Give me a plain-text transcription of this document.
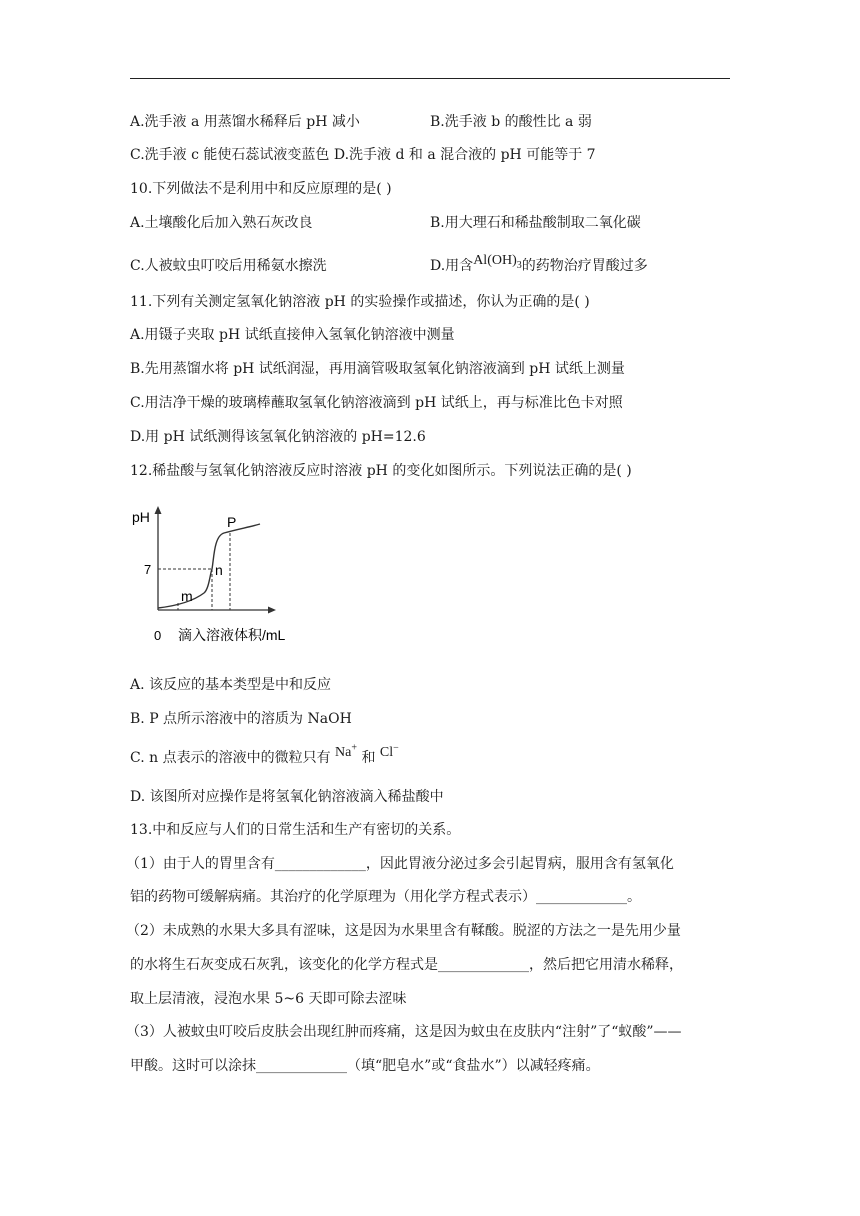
A.洗手液 a 用蒸馏水稀释后 pH 减小	B.洗手液 b 的酸性比 a 弱
C.洗手液 c 能使石蕊试液变蓝色 D.洗手液 d 和 a 混合液的 pH 可能等于 7
10.下列做法不是利用中和反应原理的是( )
A.土壤酸化后加入熟石灰改良	B.用大理石和稀盐酸制取二氧化碳
C.人被蚊虫叮咬后用稀氨水擦洗	D.用含$Al(OH)_3$的药物治疗胃酸过多
11.下列有关测定氢氧化钠溶液 pH 的实验操作或描述，你认为正确的是( )
A.用镊子夹取 pH 试纸直接伸入氢氧化钠溶液中测量
B.先用蒸馏水将 pH 试纸润湿，再用滴管吸取氢氧化钠溶液滴到 pH 试纸上测量
C.用洁净干燥的玻璃棒蘸取氢氧化钠溶液滴到 pH 试纸上，再与标准比色卡对照
D.用 pH 试纸测得该氢氧化钠溶液的 pH=12.6
12.稀盐酸与氢氧化钠溶液反应时溶液 pH 的变化如图所示。下列说法正确的是( )
pH
7
0 滴入溶液体积/mL
m
n
P
A. 该反应的基本类型是中和反应
B. P 点所示溶液中的溶质为 NaOH
C. n 点表示的溶液中的微粒只有 Na+ 和 Cl−
D. 该图所对应操作是将氢氧化钠溶液滴入稀盐酸中
13.中和反应与人们的日常生活和生产有密切的关系。
（1）由于人的胃里含有_____________，因此胃液分泌过多会引起胃病，服用含有氢氧化
铝的药物可缓解病痛。其治疗的化学原理为（用化学方程式表示）_____________。
（2）未成熟的水果大多具有涩味，这是因为水果里含有鞣酸。脱涩的方法之一是先用少量
的水将生石灰变成石灰乳，该变化的化学方程式是_____________，然后把它用清水稀释，
取上层清液，浸泡水果 5~6 天即可除去涩味
（3）人被蚊虫叮咬后皮肤会出现红肿而疼痛，这是因为蚊虫在皮肤内“注射”了“蚁酸”——
甲酸。这时可以涂抹_____________（填“肥皂水”或“食盐水”）以减轻疼痛。
